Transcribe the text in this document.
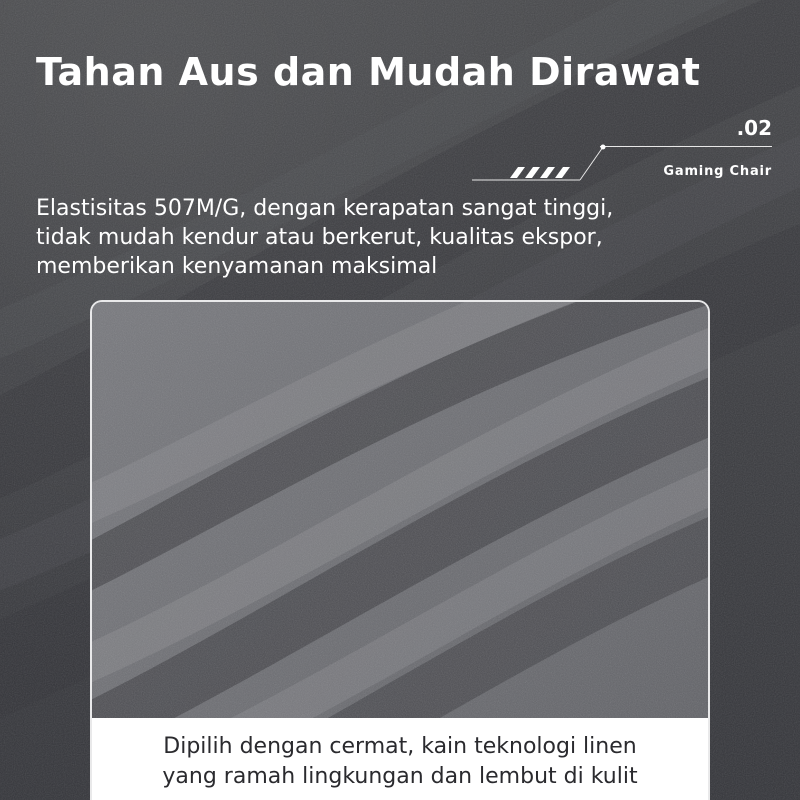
Tahan Aus dan Mudah Dirawat
.02
Gaming Chair

Elastisitas 507M/G, dengan kerapatan sangat tinggi,
tidak mudah kendur atau berkerut, kualitas ekspor,
memberikan kenyamanan maksimal

Dipilih dengan cermat, kain teknologi linen
yang ramah lingkungan dan lembut di kulit
